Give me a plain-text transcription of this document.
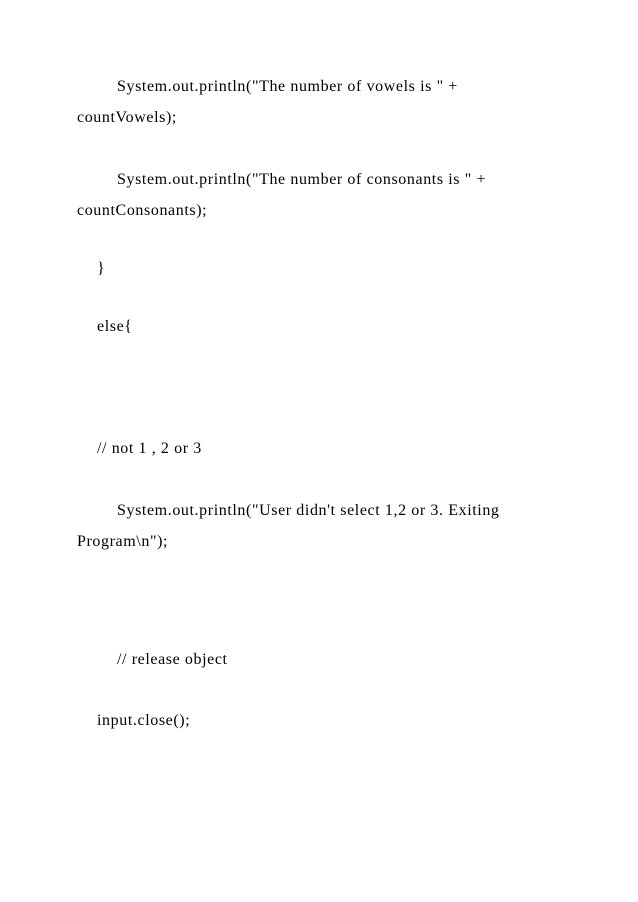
System.out.println("The number of vowels is " +
countVowels);
System.out.println("The number of consonants is " +
countConsonants);
}
else{
// not 1 , 2 or 3
System.out.println("User didn't select 1,2 or 3. Exiting
Program\n");
// release object
input.close();
